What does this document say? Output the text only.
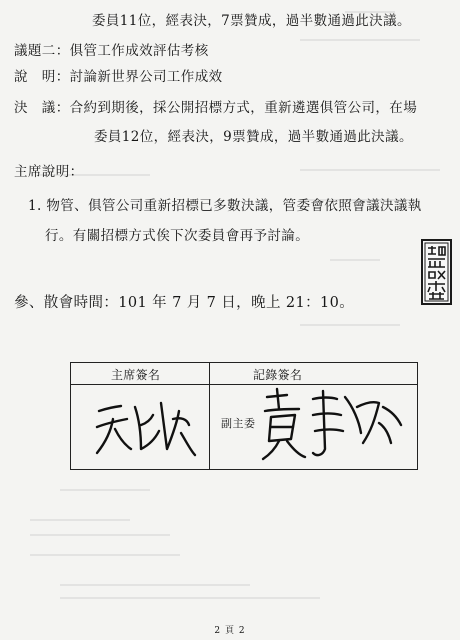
委員11位，經表決，7票贊成，過半數通過此決議。
議題二：俱管工作成效評估考核
說　明：討論新世界公司工作成效
決　議：合約到期後，採公開招標方式，重新遴選俱管公司，在場
委員12位，經表決，9票贊成，過半數通過此決議。
主席說明：
1. 物管、俱管公司重新招標已多數決議，管委會依照會議決議執
行。有關招標方式俟下次委員會再予討論。
參、散會時間：101 年 7 月 7 日，晚上 21：10。
主席簽名	記錄簽名
副主委
2 頁 2
